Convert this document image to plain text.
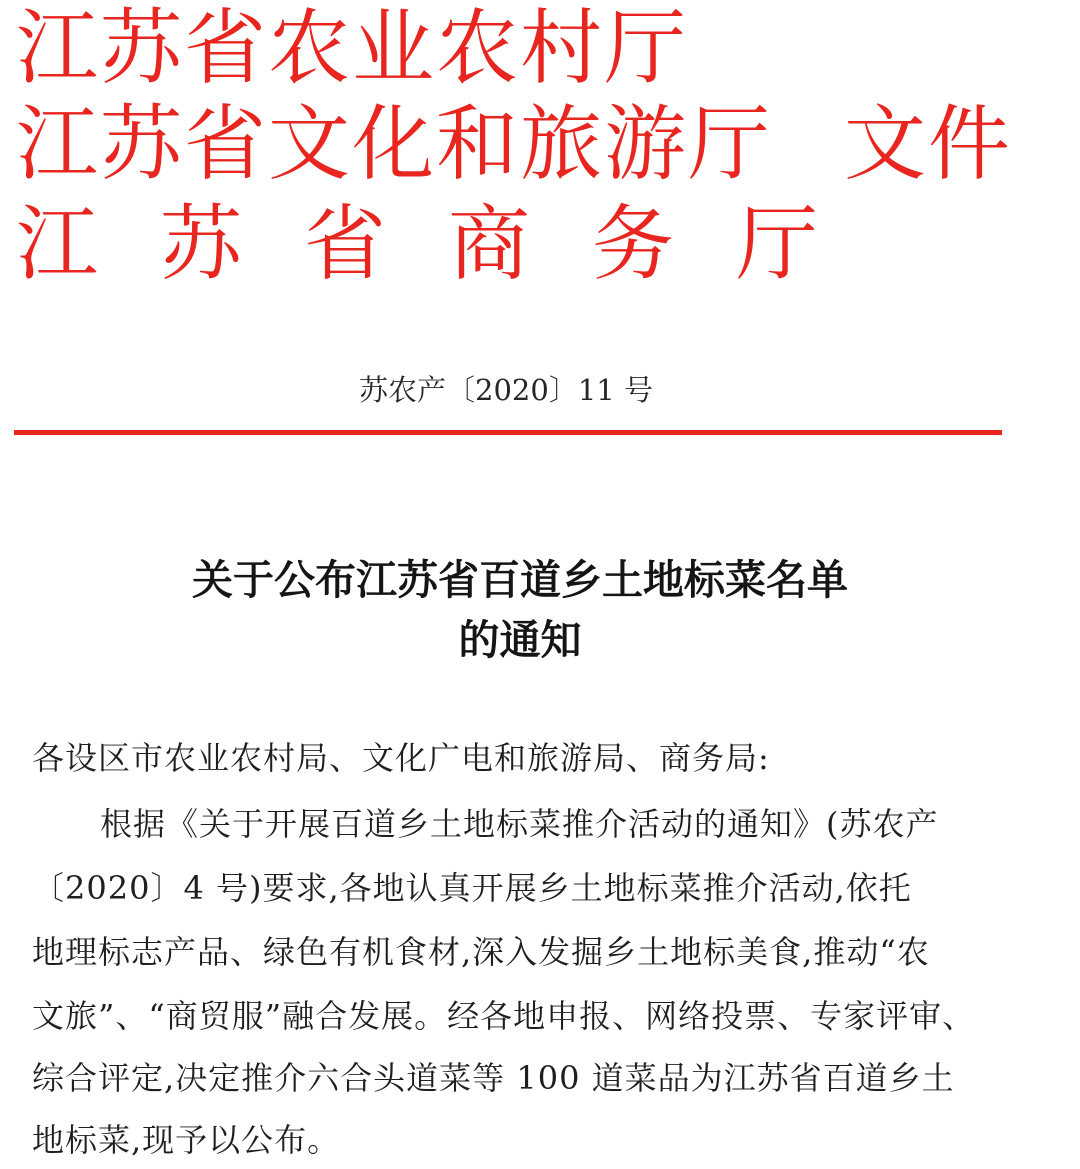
江苏省农业农村厅
江苏省文化和旅游厅 文件
江苏省商务厅
苏农产〔2020〕11 号
关于公布江苏省百道乡土地标菜名单
的通知
各设区市农业农村局、文化广电和旅游局、商务局:
根据《关于开展百道乡土地标菜推介活动的通知》(苏农产
〔2020〕4 号)要求,各地认真开展乡土地标菜推介活动,依托
地理标志产品、绿色有机食材,深入发掘乡土地标美食,推动“农
文旅”、“商贸服”融合发展。经各地申报、网络投票、专家评审、
综合评定,决定推介六合头道菜等 100 道菜品为江苏省百道乡土
地标菜,现予以公布。
